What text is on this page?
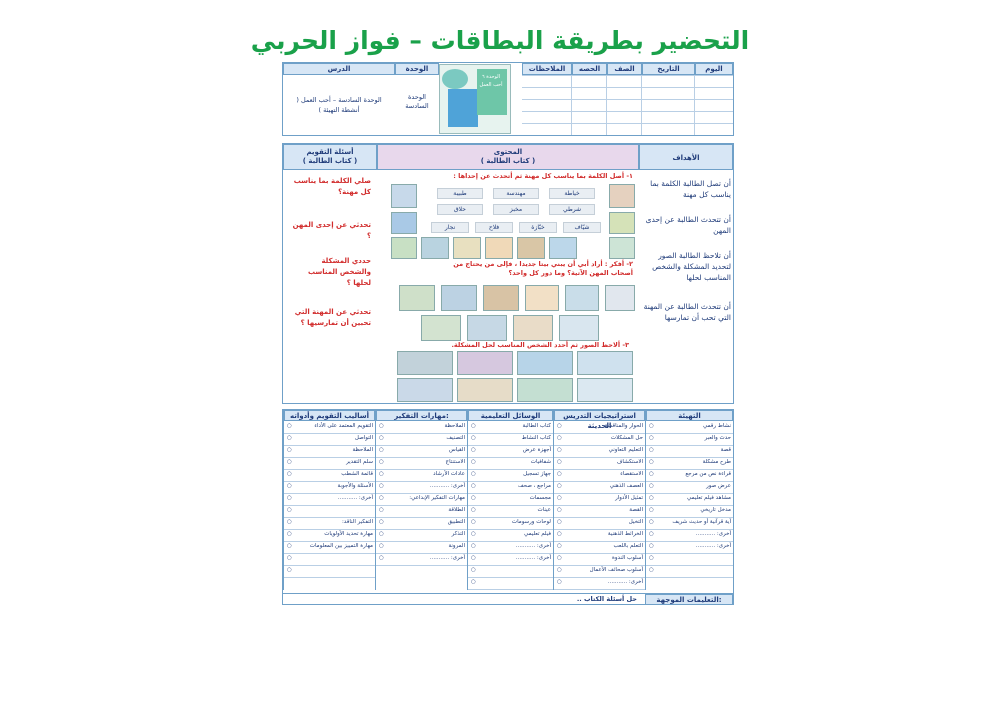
التحضير بطريقة البطاقات – فواز الحربي
اليوم
التاريخ
الصف
الحصه
الملاحظات
الوحدة
الدرس
الوحدة ٦ أحب العمل
الوحدة السادسة
الوحدة السادسة – أحب العمل ( أنشطة التهيئة )
الأهداف
أن تصل الطالبة الكلمة بما يناسب كل مهنة
أن تتحدث الطالبة عن إحدى المهن
أن تلاحظ الطالبة الصور لتحديد المشكلة والشخص المناسب لحلها
أن تتحدث الطالبة عن المهنة التي تحب أن تمارسها
المحتوى
( كتاب الطالبة )
١- أصل الكلمة بما يناسب كل مهنة ثم أتحدث عن إحداها :
خياطة
مهندسة
طبيبة
شرطي
مخبز
حلاق
شيّاف
خبّازة
فلاح
نجار
٢- أفكر : أراد أبي أن يبني بيتا جديدا ، فإلى من يحتاج من أصحاب المهن الآتية؟ وما دور كل واحد؟
٣- ألاحظ الصور ثم أحدد الشخص المناسب لحل المشكلة.
أسئلة التقويم
( كتاب الطالبة )
صلي الكلمة بما يناسب كل مهنة؟
تحدثي عن إحدى المهن ؟
حددي المشكلة والشخص المناسب لحلها ؟
تحدثي عن المهنة التي تحبين أن تمارسيها ؟
التهيئة
نشاط رقمي
○
حدث والعبر
○
قصة
○
طرح مشكلة
○
قراءة نص من مرجع
○
عرض صور
○
مشاهد فيلم تعليمي
○
مدخل تاريخي
○
آية قرآنية أو حديث شريف
○
أخرى: ...........
○
أخرى: ...........
○
○
○
استراتيجيات التدريس الحديثة
الحوار والمناقشة
○
حل المشكلات
○
التعليم التعاوني
○
الاستكشاف
○
الاستقصاء
○
العصف الذهني
○
تمثيل الأدوار
○
القصة
○
التخيل
○
الخرائط الذهنية
○
التعلم باللعب
○
أسلوب الندوة
○
أسلوب صحائف الأعمال
○
أخرى: ...........
○
الوسائل التعليمية
كتاب الطالبة
○
كتاب النشاط
○
أجهزة عرض
○
شفافيات
○
جهاز تسجيل
○
مراجع ، صحف
○
مجسمات
○
عينات
○
لوحات ورسومات
○
فيلم تعليمي
○
أخرى: ...........
○
أخرى: ...........
○
○
○
مهارات التفكير:
الملاحظة
○
التصنيف
○
القياس
○
الاستنتاج
○
عادات الأرشاد
○
أخرى: ...........
○
مهارات التفكير الإبداعي:
○
الطلاقة
○
التطبيق
○
التذكر
○
المرونة
○
أخرى: ...........
○
أساليب التقويم وأدواته
التقويم المعتمد على الأداء
○
التواصل
○
الملاحظة
○
سلم التقدير
○
قائمة الشطب
○
الأسئلة والأجوبة
○
أخرى: ...........
○
○
التفكير الناقد:
○
مهارة تحديد الأولويات
○
مهارة التمييز بين المعلومات
○
○
○
التعليمات الموجهة:
حل أسئلة الكتاب ..
